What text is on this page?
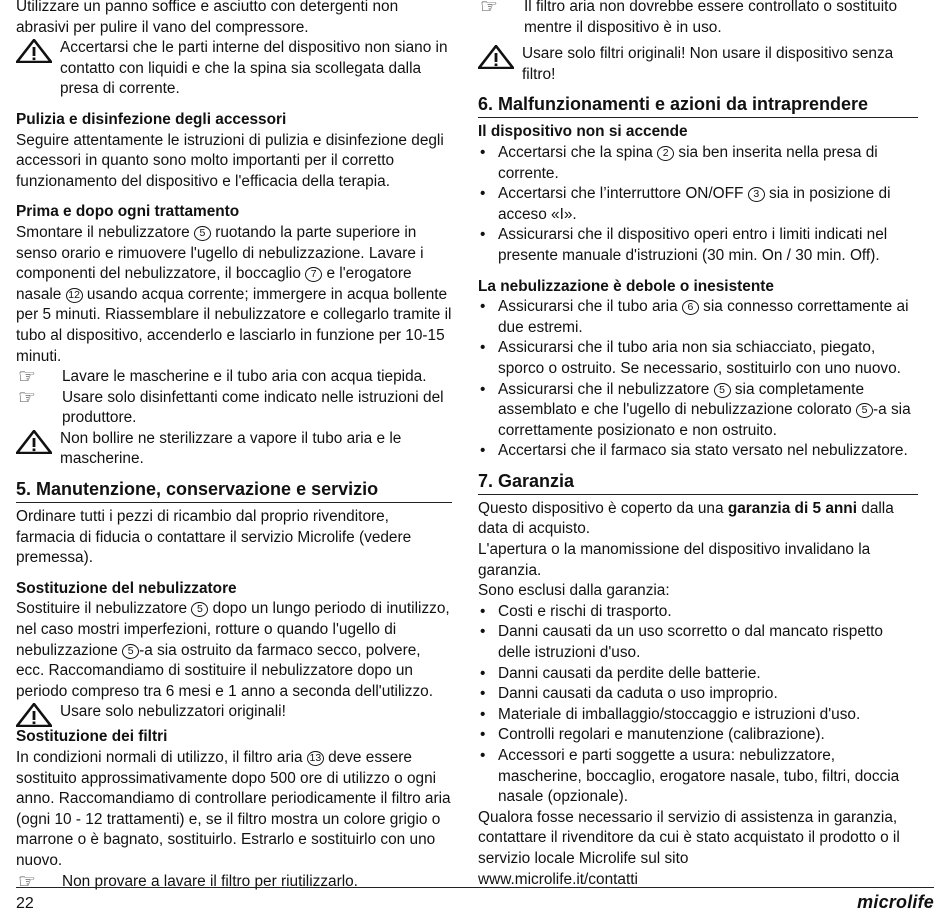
Utilizzare un panno soffice e asciutto con detergenti non abrasivi per pulire il vano del compressore.

Accertarsi che le parti interne del dispositivo non siano in contatto con liquidi e che la spina sia scollegata dalla presa di corrente.
Pulizia e disinfezione degli accessori

Seguire attentamente le istruzioni di pulizia e disinfezione degli accessori in quanto sono molto importanti per il corretto funzionamento del dispositivo e l'efficacia della terapia.

Prima e dopo ogni trattamento

Smontare il nebulizzatore 5 ruotando la parte superiore in senso orario e rimuovere l'ugello di nebulizzazione. Lavare i componenti del nebulizzatore, il boccaglio 7 e l'erogatore nasale 12 usando acqua corrente; immergere in acqua bollente per 5 minuti. Riassemblare il nebulizzatore e collegarlo tramite il tubo al dispositivo, accenderlo e lasciarlo in funzione per 10-15 minuti.

☞	Lavare le mascherine e il tubo aria con acqua tiepida.
☞	Usare solo disinfettanti come indicato nelle istruzioni del produttore.
Non bollire ne sterilizzare a vapore il tubo aria e le mascherine.
5. Manutenzione, conservazione e servizio

Ordinare tutti i pezzi di ricambio dal proprio rivenditore, farmacia di fiducia o contattare il servizio Microlife (vedere premessa).

Sostituzione del nebulizzatore

Sostituire il nebulizzatore 5 dopo un lungo periodo di inutilizzo, nel caso mostri imperfezioni, rotture o quando l'ugello di nebulizzazione 5 -a sia ostruito da farmaco secco, polvere, ecc. Raccomandiamo di sostituire il nebulizzatore dopo un periodo compreso tra 6 mesi e 1 anno a seconda dell'utilizzo.

Usare solo nebulizzatori originali!
Sostituzione dei filtri

In condizioni normali di utilizzo, il filtro aria 13 deve essere sostituito approssimativamente dopo 500 ore di utilizzo o ogni anno. Raccomandiamo di controllare periodicamente il filtro aria (ogni 10 - 12 trattamenti) e, se il filtro mostra un colore grigio o marrone o è bagnato, sostituirlo. Estrarlo e sostituirlo con uno nuovo.

☞	Non provare a lavare il filtro per riutilizzarlo.
☞	Il filtro aria non dovrebbe essere controllato o sostituito mentre il dispositivo è in uso.
Usare solo filtri originali! Non usare il dispositivo senza filtro!
6. Malfunzionamenti e azioni da intraprendere
Il dispositivo non si accende
• Accertarsi che la spina 2 sia ben inserita nella presa di corrente.
• Accertarsi che l’interruttore ON/OFF 3 sia in posizione di acceso «I».
• Assicurarsi che il dispositivo operi entro i limiti indicati nel presente manuale d'istruzioni (30 min. On / 30 min. Off).
La nebulizzazione è debole o inesistente
• Assicurarsi che il tubo aria 6 sia connesso correttamente ai due estremi.
• Assicurarsi che il tubo aria non sia schiacciato, piegato, sporco o ostruito. Se necessario, sostituirlo con uno nuovo.
• Assicurarsi che il nebulizzatore 5 sia completamente assemblato e che l'ugello di nebulizzazione colorato 5 -a sia correttamente posizionato e non ostruito.
• Accertarsi che il farmaco sia stato versato nel nebulizzatore.
7. Garanzia

Questo dispositivo è coperto da una garanzia di 5 anni dalla data di acquisto.

L'apertura o la manomissione del dispositivo invalidano la garanzia.

Sono esclusi dalla garanzia:

• Costi e rischi di trasporto.
• Danni causati da un uso scorretto o dal mancato rispetto delle istruzioni d'uso.
• Danni causati da perdite delle batterie.
• Danni causati da caduta o uso improprio.
• Materiale di imballaggio/stoccaggio e istruzioni d'uso.
• Controlli regolari e manutenzione (calibrazione).
• Accessori e parti soggette a usura: nebulizzatore, mascherine, boccaglio, erogatore nasale, tubo, filtri, doccia nasale (opzionale).

Qualora fosse necessario il servizio di assistenza in garanzia, contattare il rivenditore da cui è stato acquistato il prodotto o il servizio locale Microlife sul sito

www.microlife.it/contatti

22	microlife
